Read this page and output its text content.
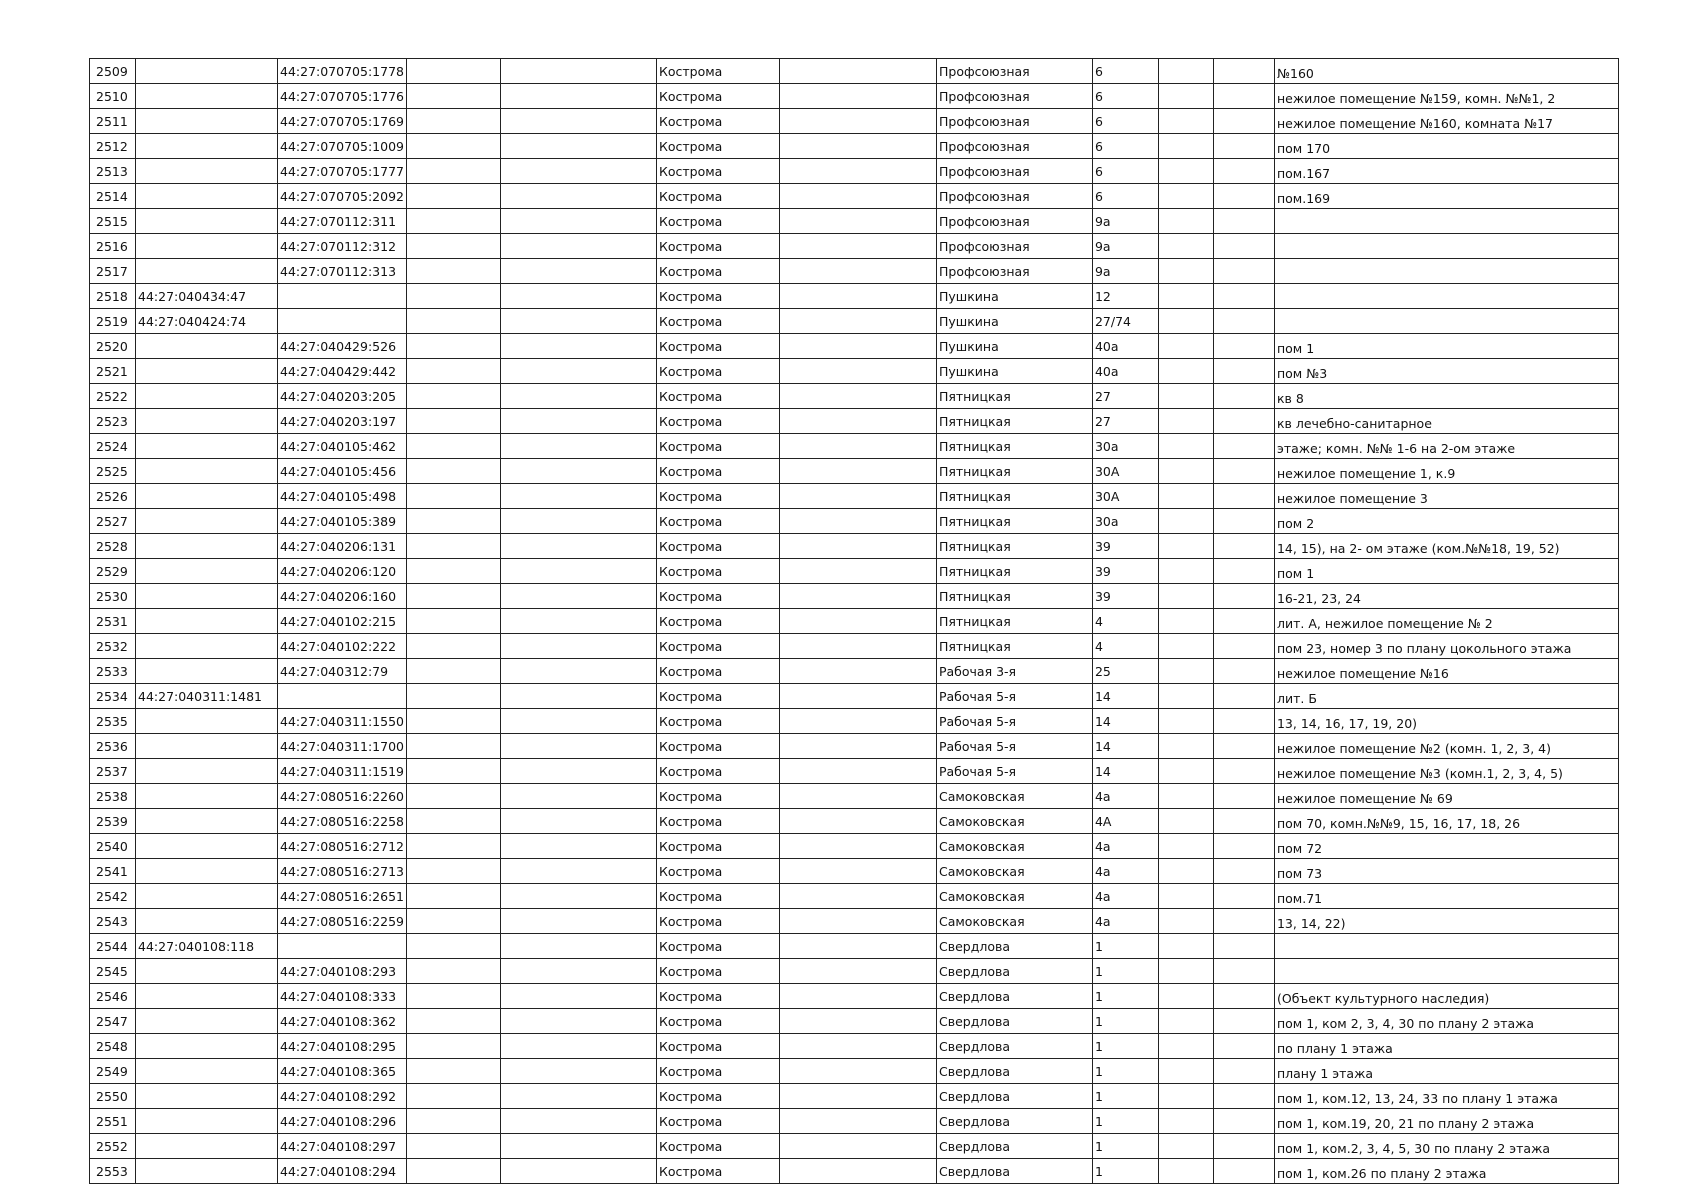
2509		44:27:070705:1778			Кострома		Профсоюзная	6			№160
2510		44:27:070705:1776			Кострома		Профсоюзная	6			нежилое помещение №159, комн. №№1, 2
2511		44:27:070705:1769			Кострома		Профсоюзная	6			нежилое помещение №160, комната №17
2512		44:27:070705:1009			Кострома		Профсоюзная	6			пом 170
2513		44:27:070705:1777			Кострома		Профсоюзная	6			пом.167
2514		44:27:070705:2092			Кострома		Профсоюзная	6			пом.169
2515		44:27:070112:311			Кострома		Профсоюзная	9а			
2516		44:27:070112:312			Кострома		Профсоюзная	9а			
2517		44:27:070112:313			Кострома		Профсоюзная	9а			
2518	44:27:040434:47				Кострома		Пушкина	12			
2519	44:27:040424:74				Кострома		Пушкина	27/74			
2520		44:27:040429:526			Кострома		Пушкина	40а			пом 1
2521		44:27:040429:442			Кострома		Пушкина	40а			пом №3
2522		44:27:040203:205			Кострома		Пятницкая	27			кв 8
2523		44:27:040203:197			Кострома		Пятницкая	27			кв лечебно-санитарное
2524		44:27:040105:462			Кострома		Пятницкая	30а			этаже; комн. №№ 1-6 на 2-ом этаже
2525		44:27:040105:456			Кострома		Пятницкая	30А			нежилое помещение 1, к.9
2526		44:27:040105:498			Кострома		Пятницкая	30А			нежилое помещение 3
2527		44:27:040105:389			Кострома		Пятницкая	30а			пом 2
2528		44:27:040206:131			Кострома		Пятницкая	39			14, 15), на 2- ом этаже (ком.№№18, 19, 52)
2529		44:27:040206:120			Кострома		Пятницкая	39			пом 1
2530		44:27:040206:160			Кострома		Пятницкая	39			16-21, 23, 24
2531		44:27:040102:215			Кострома		Пятницкая	4			лит. А, нежилое помещение № 2
2532		44:27:040102:222			Кострома		Пятницкая	4			пом 23, номер 3 по плану цокольного этажа
2533		44:27:040312:79			Кострома		Рабочая 3-я	25			нежилое помещение №16
2534	44:27:040311:1481				Кострома		Рабочая 5-я	14			лит. Б
2535		44:27:040311:1550			Кострома		Рабочая 5-я	14			13, 14, 16, 17, 19, 20)
2536		44:27:040311:1700			Кострома		Рабочая 5-я	14			нежилое помещение №2 (комн. 1, 2, 3, 4)
2537		44:27:040311:1519			Кострома		Рабочая 5-я	14			нежилое помещение №3 (комн.1, 2, 3, 4, 5)
2538		44:27:080516:2260			Кострома		Самоковская	4а			нежилое помещение № 69
2539		44:27:080516:2258			Кострома		Самоковская	4А			пом 70, комн.№№9, 15, 16, 17, 18, 26
2540		44:27:080516:2712			Кострома		Самоковская	4а			пом 72
2541		44:27:080516:2713			Кострома		Самоковская	4а			пом 73
2542		44:27:080516:2651			Кострома		Самоковская	4а			пом.71
2543		44:27:080516:2259			Кострома		Самоковская	4а			13, 14, 22)
2544	44:27:040108:118				Кострома		Свердлова	1			
2545		44:27:040108:293			Кострома		Свердлова	1			
2546		44:27:040108:333			Кострома		Свердлова	1			(Объект культурного наследия)
2547		44:27:040108:362			Кострома		Свердлова	1			пом 1, ком 2, 3, 4, 30 по плану 2 этажа
2548		44:27:040108:295			Кострома		Свердлова	1			по плану 1 этажа
2549		44:27:040108:365			Кострома		Свердлова	1			плану 1 этажа
2550		44:27:040108:292			Кострома		Свердлова	1			пом 1, ком.12, 13, 24, 33 по плану 1 этажа
2551		44:27:040108:296			Кострома		Свердлова	1			пом 1, ком.19, 20, 21 по плану 2 этажа
2552		44:27:040108:297			Кострома		Свердлова	1			пом 1, ком.2, 3, 4, 5, 30 по плану 2 этажа
2553		44:27:040108:294			Кострома		Свердлова	1			пом 1, ком.26 по плану 2 этажа
